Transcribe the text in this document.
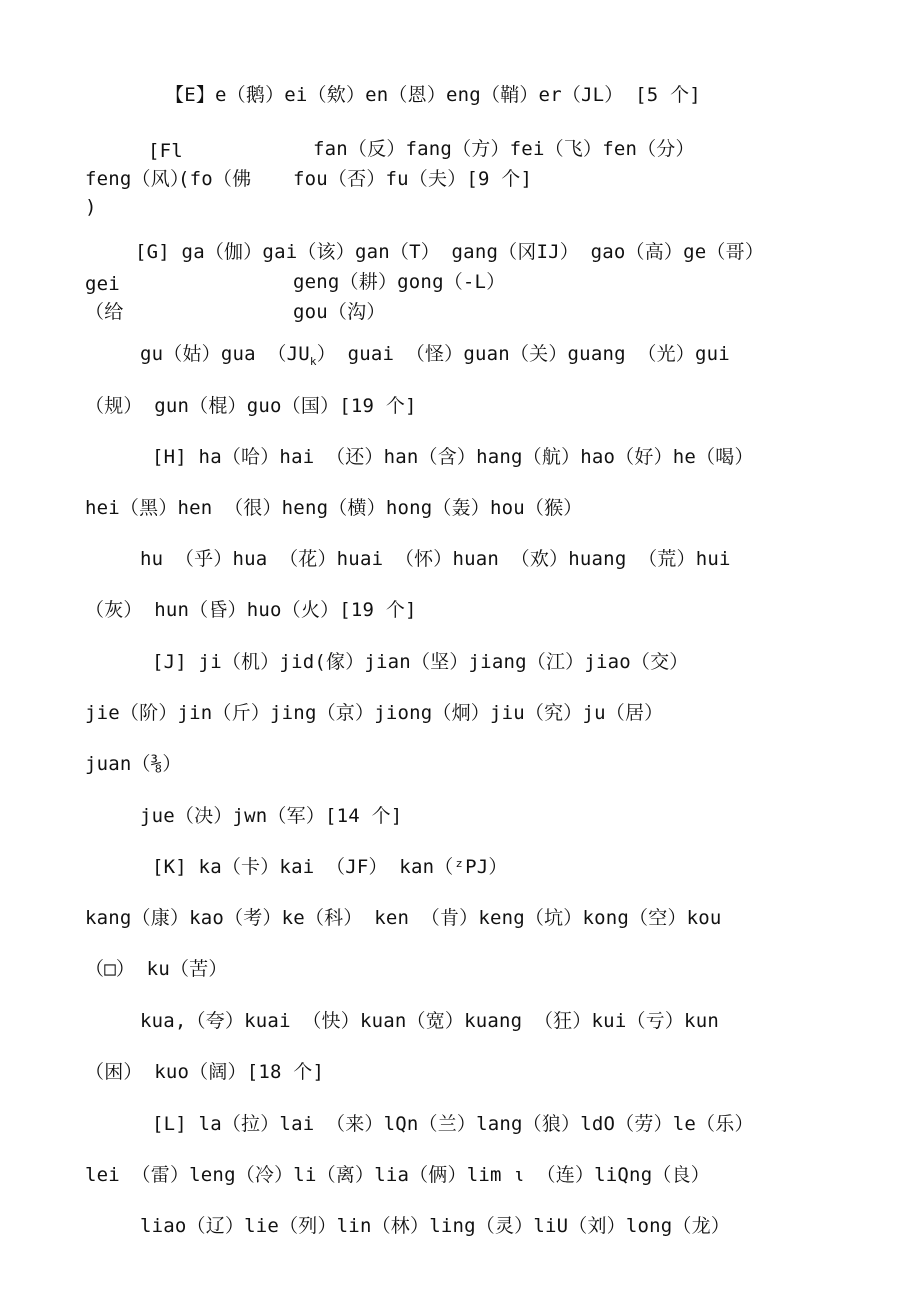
【E】e（鹅）ei（欸）en（恩）eng（鞘）er（JL） [5 个]
[Fl	fan（反）fang（方）fei（飞）fen（分）
feng（风）
(fo（佛
)
fou（否）fu（夫）[9 个]
[G] ga（伽）gai（该）gan（T） gang（冈IJ） gao（高）ge（哥）
gei
（给
geng（耕）gong（-L）
gou（沟）
gu（姑）gua $(JU_k)$ guai （怪）guan（关）guang （光）gui
（规） gun（棍）guo（国）[19 个]
[H] ha（哈）hai （还）han（含）hang（航）hao（好）he（喝）
hei（黑）hen （很）heng（横）hong（轰）hou（猴）
hu （乎）hua （花）huai （怀）huan （欢）huang （荒）hui
（灰） hun（昏）huo（火）[19 个]
[J] ji（机）jid(傢）jian（坚）jiang（江）jiao（交）
jie（阶）jin（斤）jing（京）jiong（炯）jiu（究）ju（居）
juan（⅜）
jue（决）jwn（军）[14 个]
[K] ka（卡）kai （JF） kan（ᶻPJ）
kang（康）kao（考）ke（科） ken （肯）keng（坑）kong（空）kou
（□） ku（苦）
kua,（夸）kuai （快）kuan（宽）kuang （狂）kui（亏）kun
（困） kuo（阔）[18 个]
[L] la（拉）lai （来）lQn（兰）lang（狼）ldO（劳）le（乐）
lei （雷）leng（冷）li（离）lia（俩）lim ι （连）liQng（良）
liao（辽）lie（列）lin（林）ling（灵）liU（刘）long（龙）
